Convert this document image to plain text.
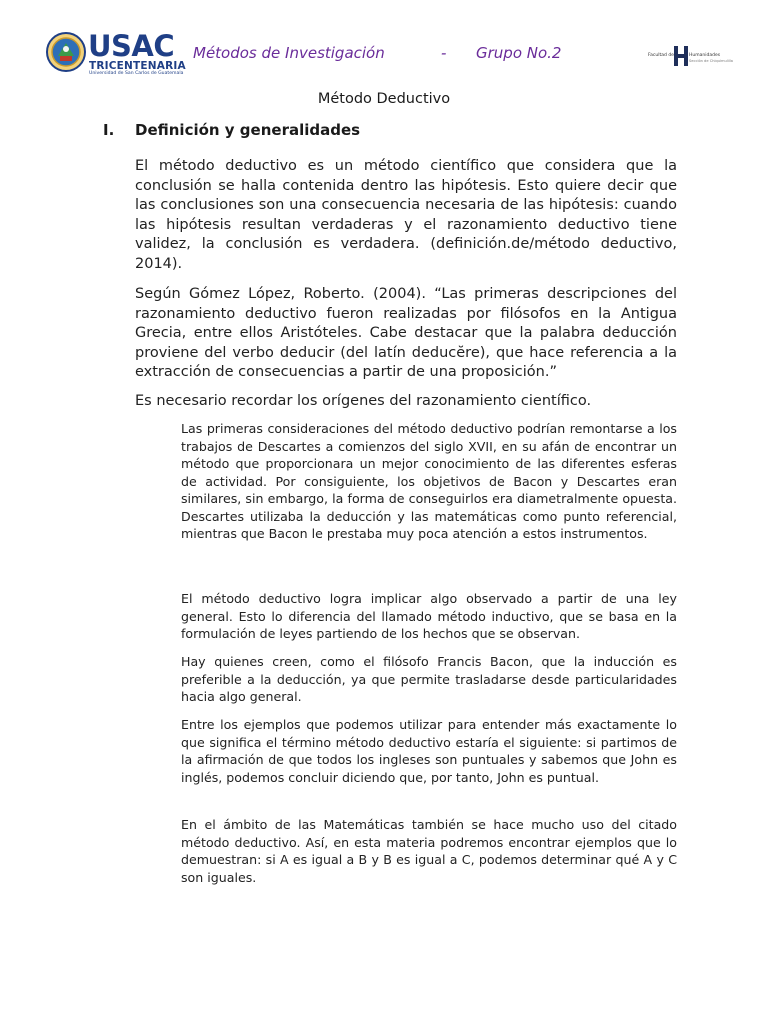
USAC
TRICENTENARIA
Universidad de San Carlos de Guatemala
Métodos de Investigación	- Grupo No.2	Facultad de	Humanidades
Sección de Chiquimulilla
Método Deductivo
I. Definición y generalidades

El método deductivo es un método científico que considera que la conclusión se halla contenida dentro las hipótesis. Esto quiere decir que las conclusiones son una consecuencia necesaria de las hipótesis: cuando las hipótesis resultan verdaderas y el razonamiento deductivo tiene validez, la conclusión es verdadera. (definición.de/método deductivo, 2014).

Según Gómez López, Roberto. (2004). “Las primeras descripciones del razonamiento deductivo fueron realizadas por filósofos en la Antigua Grecia, entre ellos Aristóteles. Cabe destacar que la palabra deducción proviene del verbo deducir (del latín deducĕre), que hace referencia a la extracción de consecuencias a partir de una proposición.”

Es necesario recordar los orígenes del razonamiento científico.

Las primeras consideraciones del método deductivo podrían remontarse a los trabajos de Descartes a comienzos del siglo XVII, en su afán de encontrar un método que proporcionara un mejor conocimiento de las diferentes esferas de actividad. Por consiguiente, los objetivos de Bacon y Descartes eran similares, sin embargo, la forma de conseguirlos era diametralmente opuesta. Descartes utilizaba la deducción y las matemáticas como punto referencial, mientras que Bacon le prestaba muy poca atención a estos instrumentos.

El método deductivo logra implicar algo observado a partir de una ley general. Esto lo diferencia del llamado método inductivo, que se basa en la formulación de leyes partiendo de los hechos que se observan.

Hay quienes creen, como el filósofo Francis Bacon, que la inducción es preferible a la deducción, ya que permite trasladarse desde particularidades hacia algo general.

Entre los ejemplos que podemos utilizar para entender más exactamente lo que significa el término método deductivo estaría el siguiente: si partimos de la afirmación de que todos los ingleses son puntuales y sabemos que John es inglés, podemos concluir diciendo que, por tanto, John es puntual.

En el ámbito de las Matemáticas también se hace mucho uso del citado método deductivo. Así, en esta materia podremos encontrar ejemplos que lo demuestran: si A es igual a B y B es igual a C, podemos determinar qué A y C son iguales.
